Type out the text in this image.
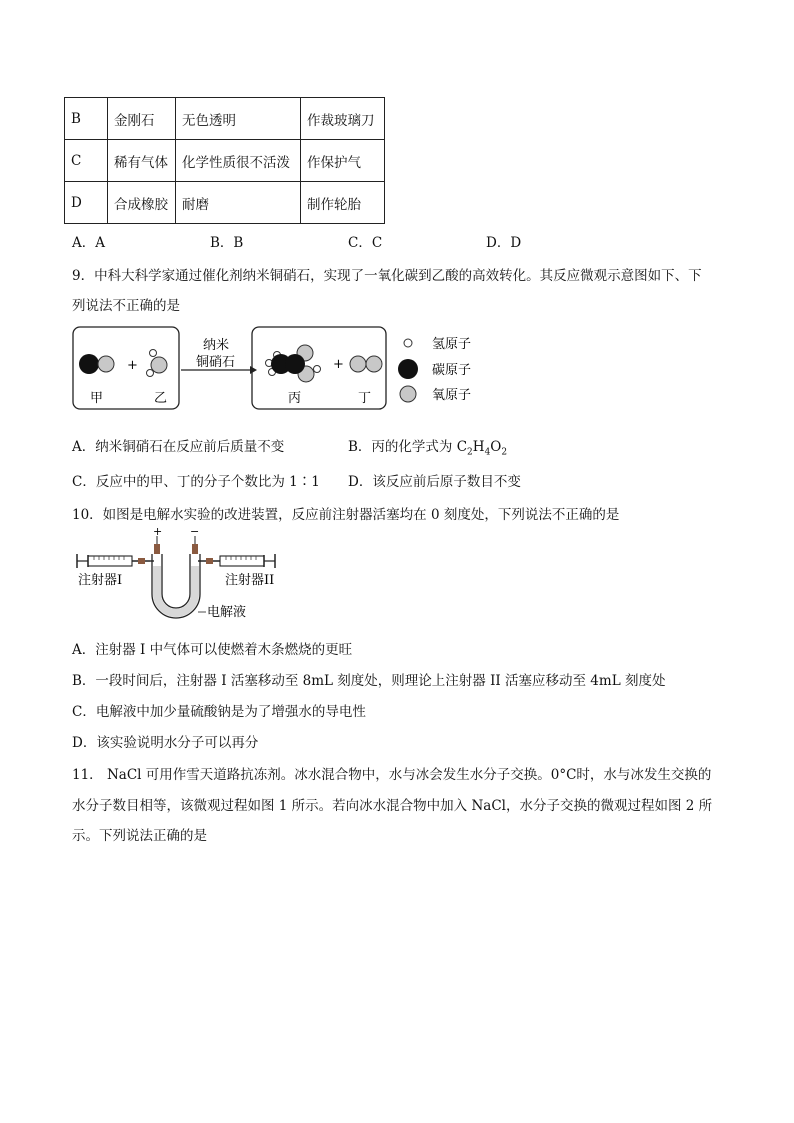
B	金刚石	无色透明	作裁玻璃刀
C	稀有气体	化学性质很不活泼	作保护气
D	合成橡胶	耐磨	制作轮胎
A．A	B．B	C．C	D．D
9．中科大科学家通过催化剂纳米铜硝石，实现了一氧化碳到乙酸的高效转化。其反应微观示意图如下、下
列说法不正确的是
+
甲	乙
纳米
铜硝石	+
丙	丁
氢原子
碳原子
氧原子
A．纳米铜硝石在反应前后质量不变	B．丙的化学式为 $C_2H_4O_2$
C．反应中的甲、丁的分子个数比为 1∶1 D．该反应前后原子数目不变
10．如图是电解水实验的改进装置，反应前注射器活塞均在 0 刻度处，下列说法不正确的是
+	−
注射器I	注射器II
电解液
A．注射器 I 中气体可以使燃着木条燃烧的更旺
B．一段时间后，注射器 I 活塞移动至 8mL 刻度处，则理论上注射器 II 活塞应移动至 4mL 刻度处
C．电解液中加少量硫酸钠是为了增强水的导电性
D．该实验说明水分子可以再分
11． NaCl 可用作雪天道路抗冻剂。冰水混合物中，水与冰会发生水分子交换。0°C时，水与冰发生交换的
水分子数目相等，该微观过程如图 1 所示。若向冰水混合物中加入 NaCl，水分子交换的微观过程如图 2 所
示。下列说法正确的是
